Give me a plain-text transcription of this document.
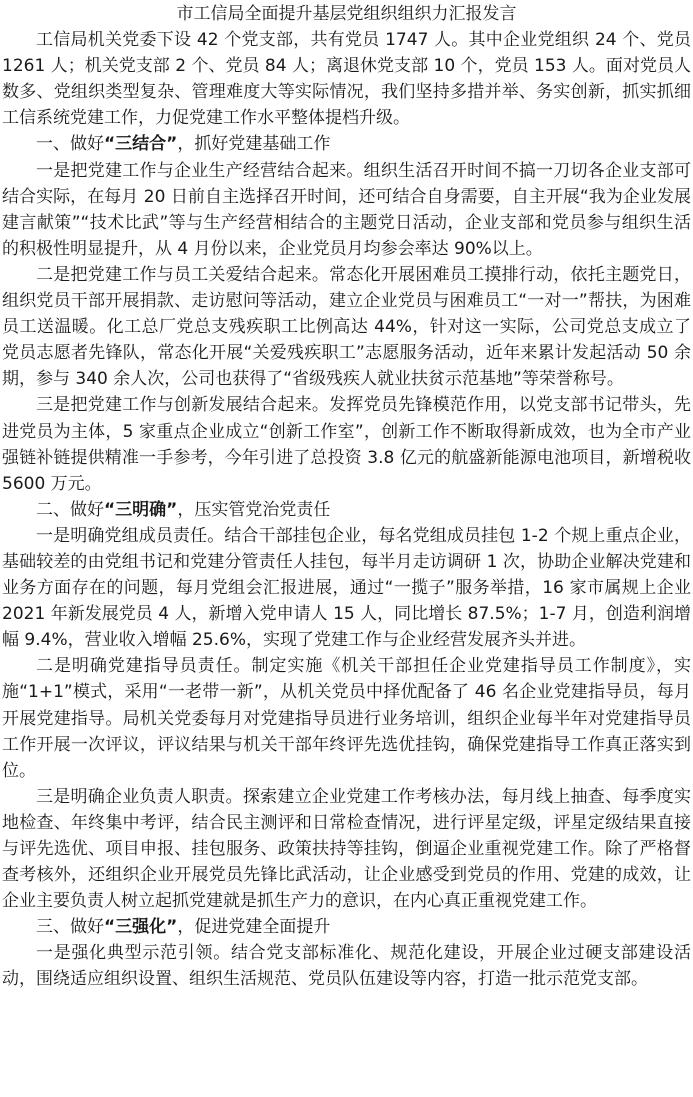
市工信局全面提升基层党组织组织力汇报发言

工信局机关党委下设 42 个党支部，共有党员 1747 人。其中企业党组织 24 个、党员 1261 人；机关党支部 2 个、党员 84 人；离退休党支部 10 个，党员 153 人。面对党员人数多、党组织类型复杂、管理难度大等实际情况，我们坚持多措并举、务实创新，抓实抓细工信系统党建工作，力促党建工作水平整体提档升级。

一、做好“三结合”，抓好党建基础工作

一是把党建工作与企业生产经营结合起来。组织生活召开时间不搞一刀切各企业支部可结合实际，在每月 20 日前自主选择召开时间，还可结合自身需要，自主开展“我为企业发展建言献策”“技术比武”等与生产经营相结合的主题党日活动，企业支部和党员参与组织生活的积极性明显提升，从 4 月份以来，企业党员月均参会率达 90%以上。

二是把党建工作与员工关爱结合起来。常态化开展困难员工摸排行动，依托主题党日，组织党员干部开展捐款、走访慰问等活动，建立企业党员与困难员工“一对一”帮扶，为困难员工送温暖。化工总厂党总支残疾职工比例高达 44%，针对这一实际，公司党总支成立了党员志愿者先锋队，常态化开展“关爱残疾职工”志愿服务活动，近年来累计发起活动 50 余期，参与 340 余人次，公司也获得了“省级残疾人就业扶贫示范基地”等荣誉称号。

三是把党建工作与创新发展结合起来。发挥党员先锋模范作用，以党支部书记带头，先进党员为主体，5 家重点企业成立“创新工作室”，创新工作不断取得新成效，也为全市产业强链补链提供精准一手参考，今年引进了总投资 3.8 亿元的航盛新能源电池项目，新增税收 5600 万元。

二、做好“三明确”，压实管党治党责任

一是明确党组成员责任。结合干部挂包企业，每名党组成员挂包 1-2 个规上重点企业，基础较差的由党组书记和党建分管责任人挂包，每半月走访调研 1 次，协助企业解决党建和业务方面存在的问题，每月党组会汇报进展，通过“一揽子”服务举措，16 家市属规上企业 2021 年新发展党员 4 人，新增入党申请人 15 人，同比增长 87.5%；1-7 月，创造利润增幅 9.4%，营业收入增幅 25.6%，实现了党建工作与企业经营发展齐头并进。

二是明确党建指导员责任。制定实施《机关干部担任企业党建指导员工作制度》，实施“1+1”模式，采用“一老带一新”，从机关党员中择优配备了 46 名企业党建指导员，每月开展党建指导。局机关党委每月对党建指导员进行业务培训，组织企业每半年对党建指导员工作开展一次评议，评议结果与机关干部年终评先选优挂钩，确保党建指导工作真正落实到位。

三是明确企业负责人职责。探索建立企业党建工作考核办法，每月线上抽查、每季度实地检查、年终集中考评，结合民主测评和日常检查情况，进行评星定级，评星定级结果直接与评先选优、项目申报、挂包服务、政策扶持等挂钩，倒逼企业重视党建工作。除了严格督查考核外，还组织企业开展党员先锋比武活动，让企业感受到党员的作用、党建的成效，让企业主要负责人树立起抓党建就是抓生产力的意识，在内心真正重视党建工作。

三、做好“三强化”，促进党建全面提升

一是强化典型示范引领。结合党支部标准化、规范化建设，开展企业过硬支部建设活动，围绕适应组织设置、组织生活规范、党员队伍建设等内容，打造一批示范党支部。
